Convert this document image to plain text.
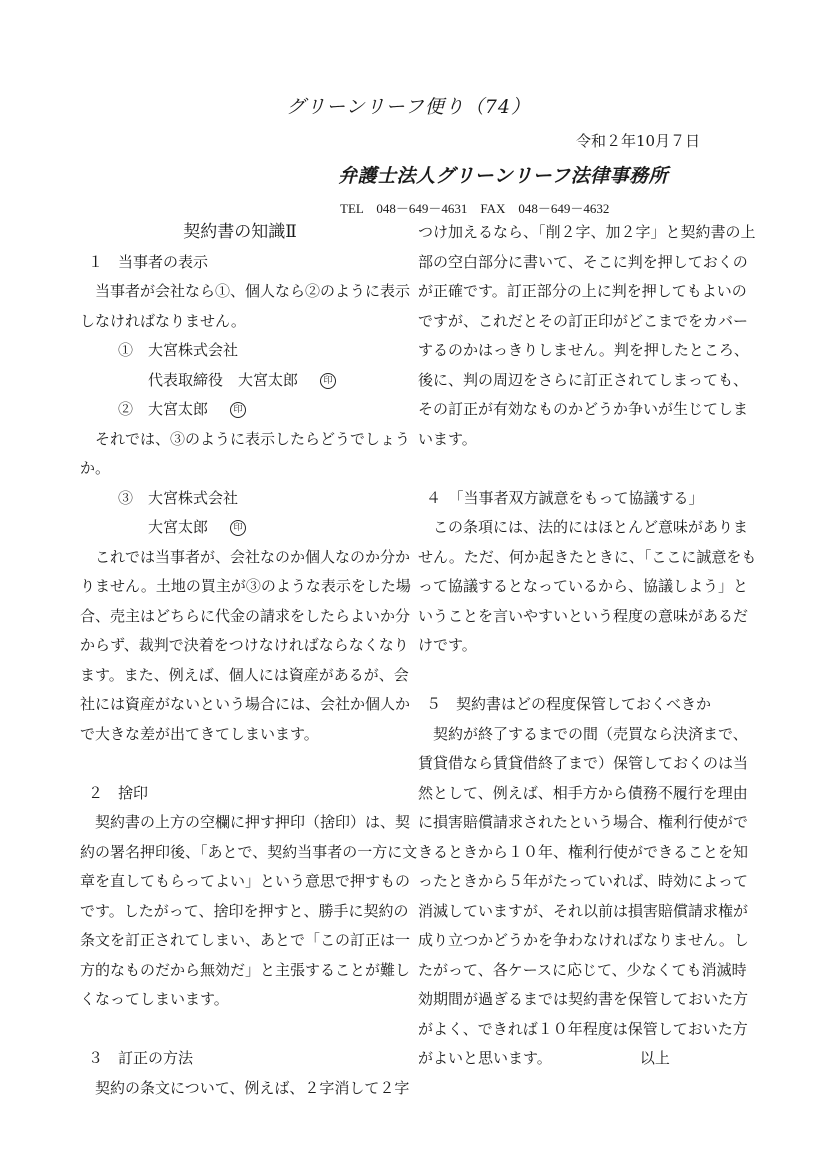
グリーンリーフ便り（74）
令和２年10月７日
弁護士法人グリーンリーフ法律事務所
TEL　048－649－4631　FAX　048－649－4632
契約書の知識Ⅱ
１　当事者の表示
当事者が会社なら①、個人なら②のように表示
しなければなりません。
①　大宮株式会社
代表取締役　大宮太郎	印
②　大宮太郎	印
それでは、③のように表示したらどうでしょう
か。
③　大宮株式会社
大宮太郎	印
これでは当事者が、会社なのか個人なのか分か
りません。土地の買主が③のような表示をした場
合、売主はどちらに代金の請求をしたらよいか分
からず、裁判で決着をつけなければならなくなり
ます。また、例えば、個人には資産があるが、会
社には資産がないという場合には、会社か個人か
で大きな差が出てきてしまいます。
２　捨印
契約書の上方の空欄に押す押印（捨印）は、契
約の署名押印後、「あとで、契約当事者の一方に文
章を直してもらってよい」という意思で押すもの
です。したがって、捨印を押すと、勝手に契約の
条文を訂正されてしまい、あとで「この訂正は一
方的なものだから無効だ」と主張することが難し
くなってしまいます。
３　訂正の方法
契約の条文について、例えば、２字消して２字
つけ加えるなら、「削２字、加２字」と契約書の上
部の空白部分に書いて、そこに判を押しておくの
が正確です。訂正部分の上に判を押してもよいの
ですが、これだとその訂正印がどこまでをカバー
するのかはっきりしません。判を押したところ、
後に、判の周辺をさらに訂正されてしまっても、
その訂正が有効なものかどうか争いが生じてしま
います。
４　「当事者双方誠意をもって協議する」
この条項には、法的にはほとんど意味がありま
せん。ただ、何か起きたときに、「ここに誠意をも
って協議するとなっているから、協議しよう」と
いうことを言いやすいという程度の意味があるだ
けです。
５　契約書はどの程度保管しておくべきか
契約が終了するまでの間（売買なら決済まで、
賃貸借なら賃貸借終了まで）保管しておくのは当
然として、例えば、相手方から債務不履行を理由
に損害賠償請求されたという場合、権利行使がで
きるときから１０年、権利行使ができることを知
ったときから５年がたっていれば、時効によって
消滅していますが、それ以前は損害賠償請求権が
成り立つかどうかを争わなければなりません。し
たがって、各ケースに応じて、少なくても消滅時
効期間が過ぎるまでは契約書を保管しておいた方
がよく、できれば１０年程度は保管しておいた方
がよいと思います。	以上
